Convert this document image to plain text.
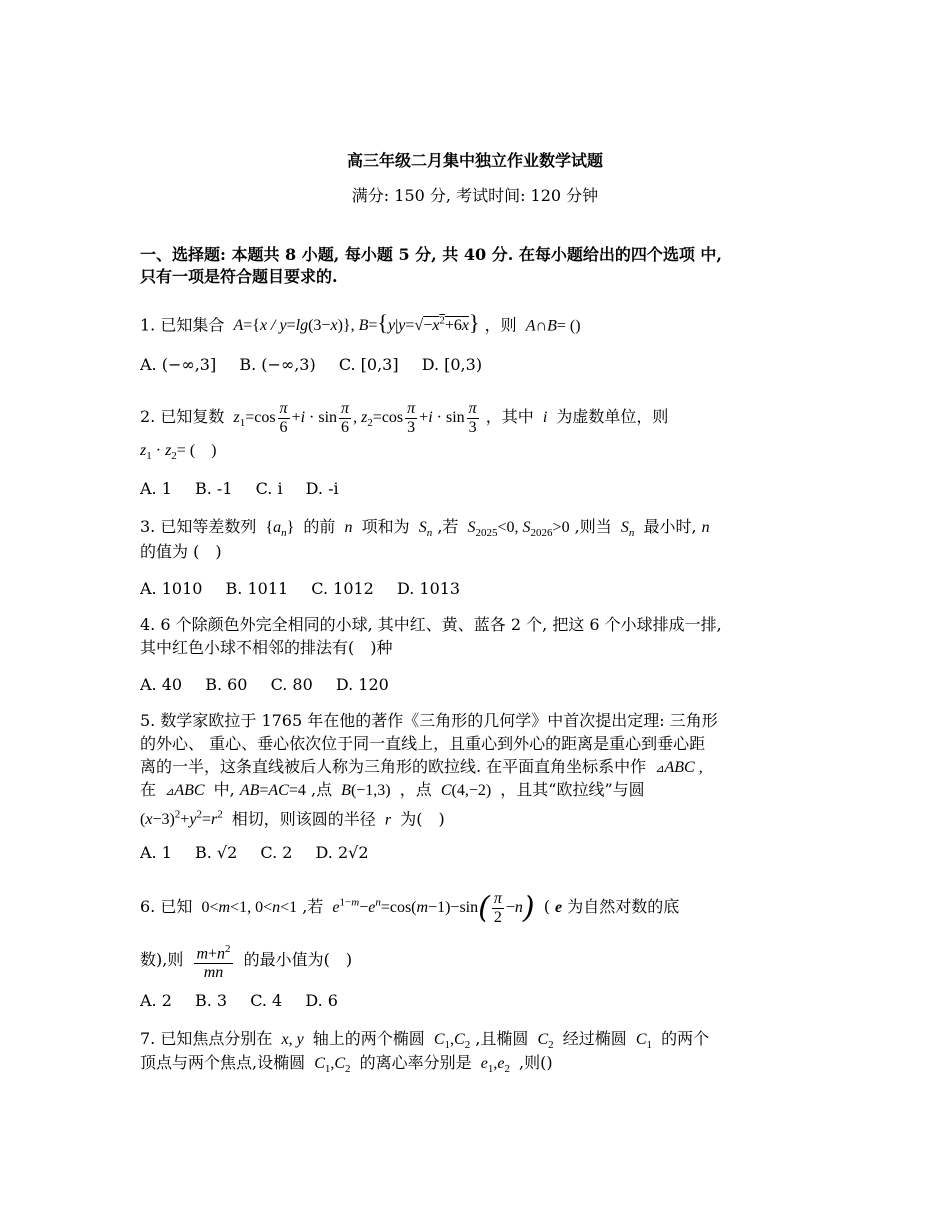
高三年级二月集中独立作业数学试题
满分: 150 分, 考试时间: 120 分钟
一、选择题: 本题共 8 小题, 每小题 5 分, 共 40 分. 在每小题给出的四个选项 中,
只有一项是符合题目要求的.
1. 已知集合  A={x / y=lg(3−x)}, $B=\{y|y=√-x^2+6x\}$ ，则  A∩B= ()
A. (−∞,3] B. (−∞,3) C. [0,3] D. [0,3)
2. 已知复数  $z_1=\cos \frac{\pi}{6} +i \cdot \sin \frac{\pi}{6}$ , $z_2=\cos \frac{\pi}{3} +i \cdot \sin \frac{\pi}{3}$ ，其中  i  为虚数单位，则
$z_1 \cdot z_2=$ (　)
A. 1 B. -1 C. i D. -i
3. 已知等差数列 $\{a_n\}$ 的前  n  项和为  $S_n$ ,若  $S_{2025}<0$, $S_{2026}>0$ ,则当  $S_n$ 最小时, n
的值为 (　)
A. 1010 B. 1011 C. 1012 D. 1013
4. 6 个除颜色外完全相同的小球, 其中红、黄、蓝各 2 个, 把这 6 个小球排成一排,
其中红色小球不相邻的排法有(　)种
A. 40 B. 60 C. 80 D. 120
5. 数学家欧拉于 1765 年在他的著作《三角形的几何学》中首次提出定理: 三角形
的外心、 重心、垂心依次位于同一直线上，且重心到外心的距离是重心到垂心距
离的一半，这条直线被后人称为三角形的欧拉线. 在平面直角坐标系中作 ⊿ABC ,
在 ⊿ABC  中, AB=AC=4 ,点  B(−1,3) ，点  C(4,−2) ，且其“欧拉线”与圆
$(x-3)^2+y^2=r^2$ 相切，则该圆的半径  r  为(　)
A. 1 B. √2 C. 2 D. 2√2
6. 已知 0<m<1, 0<n<1 ,若  $e^{1-m}-e^n=\cos(m-1)-\sin( \frac{\pi}{2} -n)$ ( e 为自然对数的底
数),则 $\frac{m+n^2}{mn}$ 的最小值为(　)
A. 2 B. 3 C. 4 D. 6
7. 已知焦点分别在  x, y  轴上的两个椭圆  $C_1,C_2$ ,且椭圆  $C_2$ 经过椭圆  $C_1$ 的两个
顶点与两个焦点,设椭圆  $C_1,C_2$ 的离心率分别是  $e_1,e_2$ ,则()
